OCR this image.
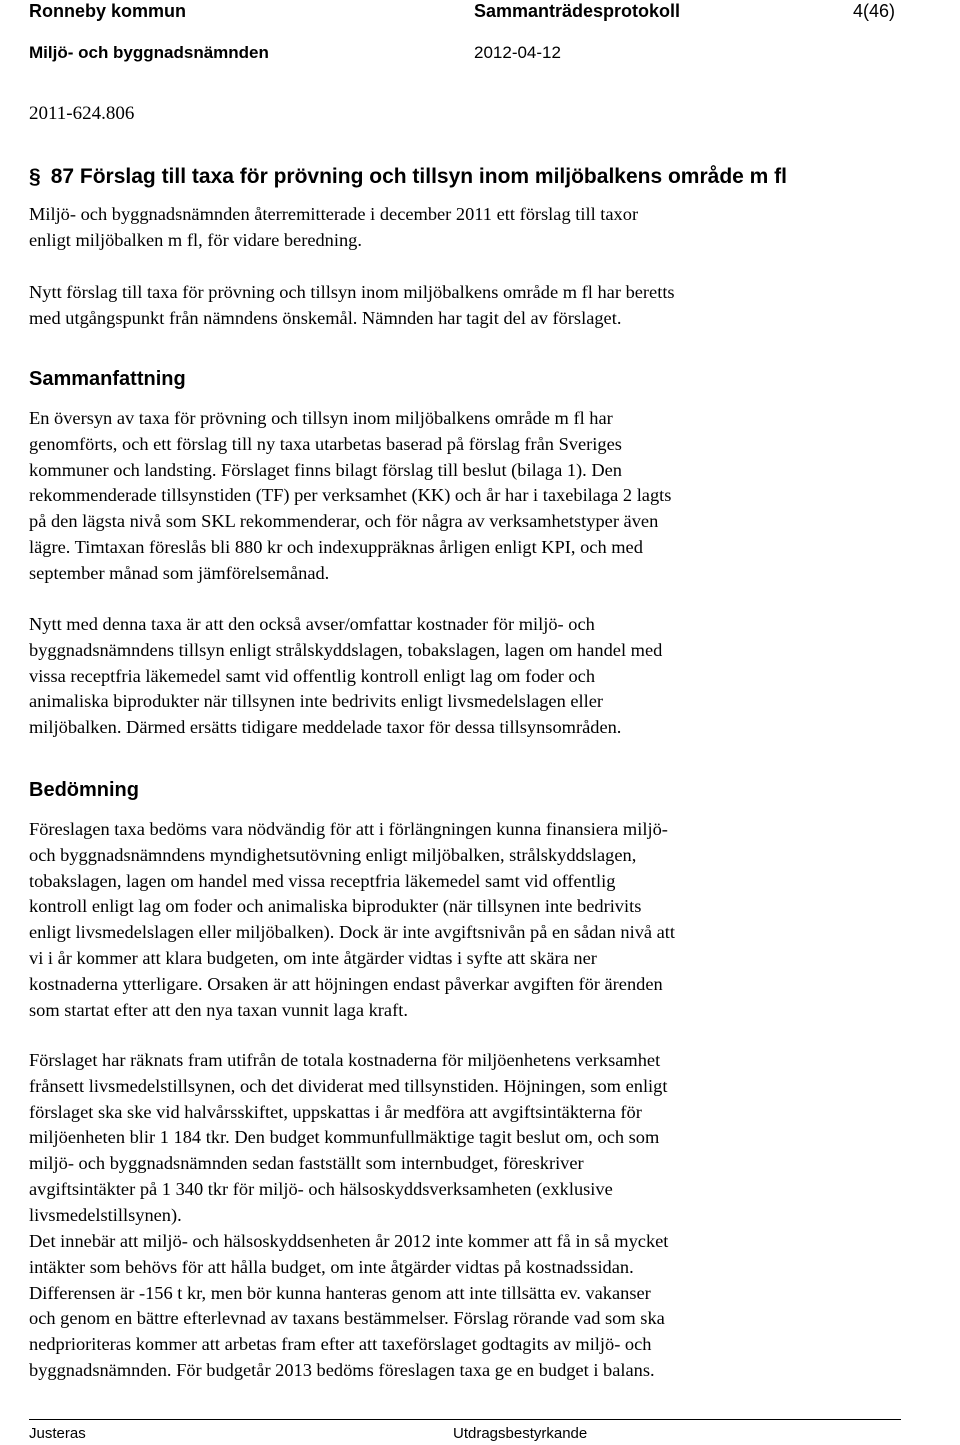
Ronneby kommun	Sammanträdesprotokoll	4(46)
Miljö- och byggnadsnämnden	2012-04-12
2011-624.806
§ 87 Förslag till taxa för prövning och tillsyn inom miljöbalkens område m fl

Miljö- och byggnadsnämnden återremitterade i december 2011 ett förslag till taxor

enligt miljöbalken m fl, för vidare beredning.

Nytt förslag till taxa för prövning och tillsyn inom miljöbalkens område m fl har beretts

med utgångspunkt från nämndens önskemål. Nämnden har tagit del av förslaget.

Sammanfattning

En översyn av taxa för prövning och tillsyn inom miljöbalkens område m fl har

genomförts, och ett förslag till ny taxa utarbetas baserad på förslag från Sveriges

kommuner och landsting. Förslaget finns bilagt förslag till beslut (bilaga 1). Den

rekommenderade tillsynstiden (TF) per verksamhet (KK) och år har i taxebilaga 2 lagts

på den lägsta nivå som SKL rekommenderar, och för några av verksamhetstyper även

lägre. Timtaxan föreslås bli 880 kr och indexuppräknas årligen enligt KPI, och med

september månad som jämförelsemånad.

Nytt med denna taxa är att den också avser/omfattar kostnader för miljö- och

byggnadsnämndens tillsyn enligt strålskyddslagen, tobakslagen, lagen om handel med

vissa receptfria läkemedel samt vid offentlig kontroll enligt lag om foder och

animaliska biprodukter när tillsynen inte bedrivits enligt livsmedelslagen eller

miljöbalken. Därmed ersätts tidigare meddelade taxor för dessa tillsynsområden.

Bedömning

Föreslagen taxa bedöms vara nödvändig för att i förlängningen kunna finansiera miljö-

och byggnadsnämndens myndighetsutövning enligt miljöbalken, strålskyddslagen,

tobakslagen, lagen om handel med vissa receptfria läkemedel samt vid offentlig

kontroll enligt lag om foder och animaliska biprodukter (när tillsynen inte bedrivits

enligt livsmedelslagen eller miljöbalken). Dock är inte avgiftsnivån på en sådan nivå att

vi i år kommer att klara budgeten, om inte åtgärder vidtas i syfte att skära ner

kostnaderna ytterligare. Orsaken är att höjningen endast påverkar avgiften för ärenden

som startat efter att den nya taxan vunnit laga kraft.

Förslaget har räknats fram utifrån de totala kostnaderna för miljöenhetens verksamhet

frånsett livsmedelstillsynen, och det dividerat med tillsynstiden. Höjningen, som enligt

förslaget ska ske vid halvårsskiftet, uppskattas i år medföra att avgiftsintäkterna för

miljöenheten blir 1 184 tkr. Den budget kommunfullmäktige tagit beslut om, och som

miljö- och byggnadsnämnden sedan fastställt som internbudget, föreskriver

avgiftsintäkter på 1 340 tkr för miljö- och hälsoskyddsverksamheten (exklusive

livsmedelstillsynen).

Det innebär att miljö- och hälsoskyddsenheten år 2012 inte kommer att få in så mycket

intäkter som behövs för att hålla budget, om inte åtgärder vidtas på kostnadssidan.

Differensen är -156 t kr, men bör kunna hanteras genom att inte tillsätta ev. vakanser

och genom en bättre efterlevnad av taxans bestämmelser. Förslag rörande vad som ska

nedprioriteras kommer att arbetas fram efter att taxeförslaget godtagits av miljö- och

byggnadsnämnden. För budgetår 2013 bedöms föreslagen taxa ge en budget i balans.

Justeras	Utdragsbestyrkande
